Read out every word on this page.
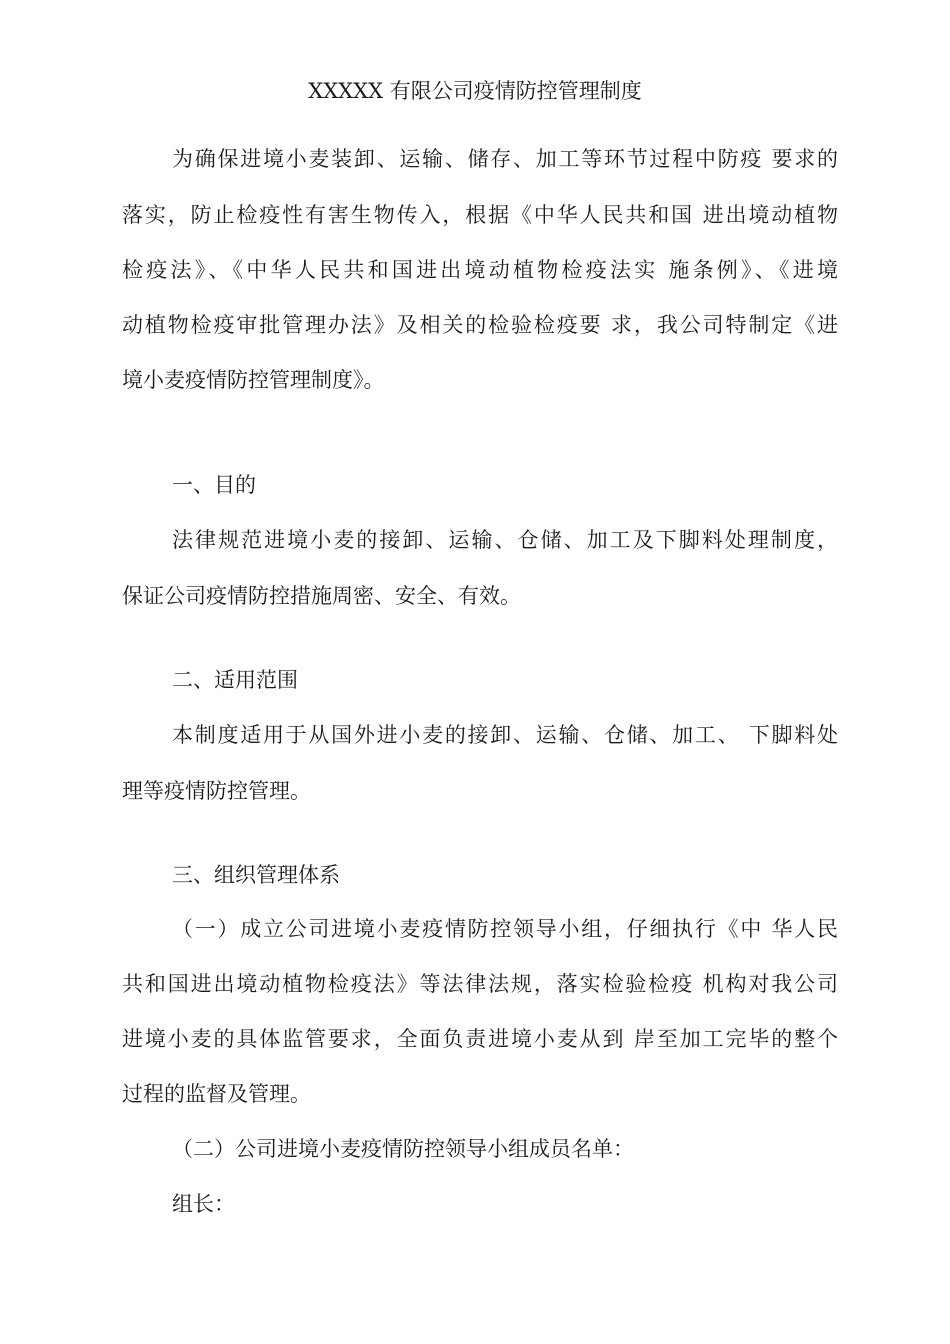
XXXXX 有限公司疫情防控管理制度

为确保进境小麦装卸、运输、储存、加工等环节过程中防疫 要求的

落实，防止检疫性有害生物传入，根据《中华人民共和国 进出境动植物

检疫法》、《中华人民共和国进出境动植物检疫法实 施条例》、《进境

动植物检疫审批管理办法》及相关的检验检疫要 求，我公司特制定《进

境小麦疫情防控管理制度》。

一、目的

法律规范进境小麦的接卸、运输、仓储、加工及下脚料处理制度，

保证公司疫情防控措施周密、安全、有效。

二、适用范围

本制度适用于从国外进小麦的接卸、运输、仓储、加工、 下脚料处

理等疫情防控管理。

三、组织管理体系

（一）成立公司进境小麦疫情防控领导小组，仔细执行《中 华人民

共和国进出境动植物检疫法》等法律法规，落实检验检疫 机构对我公司

进境小麦的具体监管要求，全面负责进境小麦从到 岸至加工完毕的整个

过程的监督及管理。

（二）公司进境小麦疫情防控领导小组成员名单：

组长：
